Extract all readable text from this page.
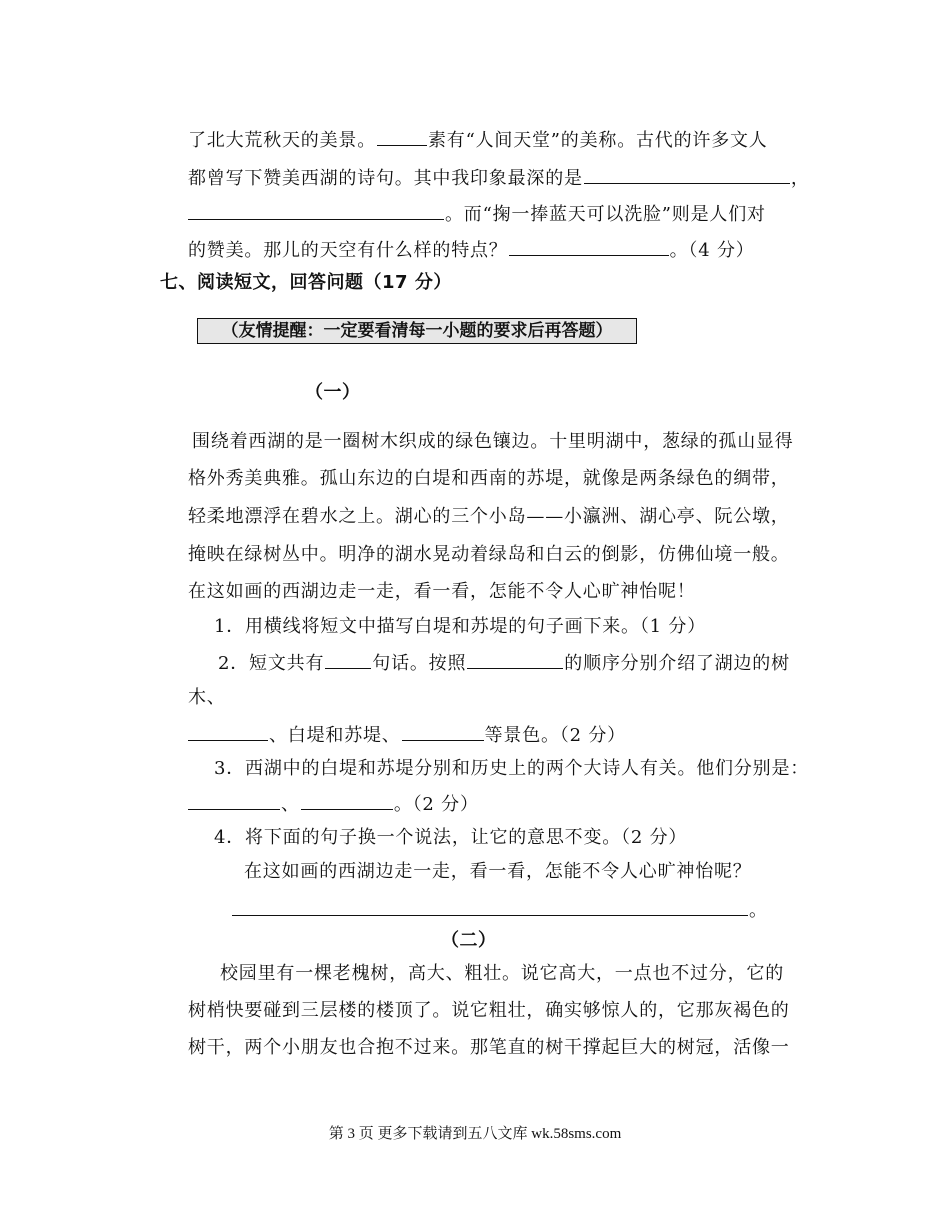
了北大荒秋天的美景。	素有“人间天堂”的美称。古代的许多文人
都曾写下赞美西湖的诗句。其中我印象最深的是	，
。而“掬一捧蓝天可以洗脸”则是人们对
的赞美。那儿的天空有什么样的特点？	。（4 分）
七、阅读短文，回答问题（17 分）
（友情提醒：一定要看清每一小题的要求后再答题）
（一）
围绕着西湖的是一圈树木织成的绿色镶边。十里明湖中，葱绿的孤山显得
格外秀美典雅。孤山东边的白堤和西南的苏堤，就像是两条绿色的绸带，
轻柔地漂浮在碧水之上。湖心的三个小岛——小瀛洲、湖心亭、阮公墩，
掩映在绿树丛中。明净的湖水晃动着绿岛和白云的倒影，仿佛仙境一般。
在这如画的西湖边走一走，看一看，怎能不令人心旷神怡呢！
1．用横线将短文中描写白堤和苏堤的句子画下来。（1 分）
2．短文共有	句话。按照	的顺序分别介绍了湖边的树
木、
、白堤和苏堤、	等景色。（2 分）
3．西湖中的白堤和苏堤分别和历史上的两个大诗人有关。他们分别是：
、	。（2 分）
4．将下面的句子换一个说法，让它的意思不变。（2 分）
在这如画的西湖边走一走，看一看，怎能不令人心旷神怡呢？
。
（二）
校园里有一棵老槐树，高大、粗壮。说它高大，一点也不过分，它的
树梢快要碰到三层楼的楼顶了。说它粗壮，确实够惊人的，它那灰褐色的
树干，两个小朋友也合抱不过来。那笔直的树干撑起巨大的树冠，活像一
第 3 页 更多下载请到五八文库 wk.58sms.com
